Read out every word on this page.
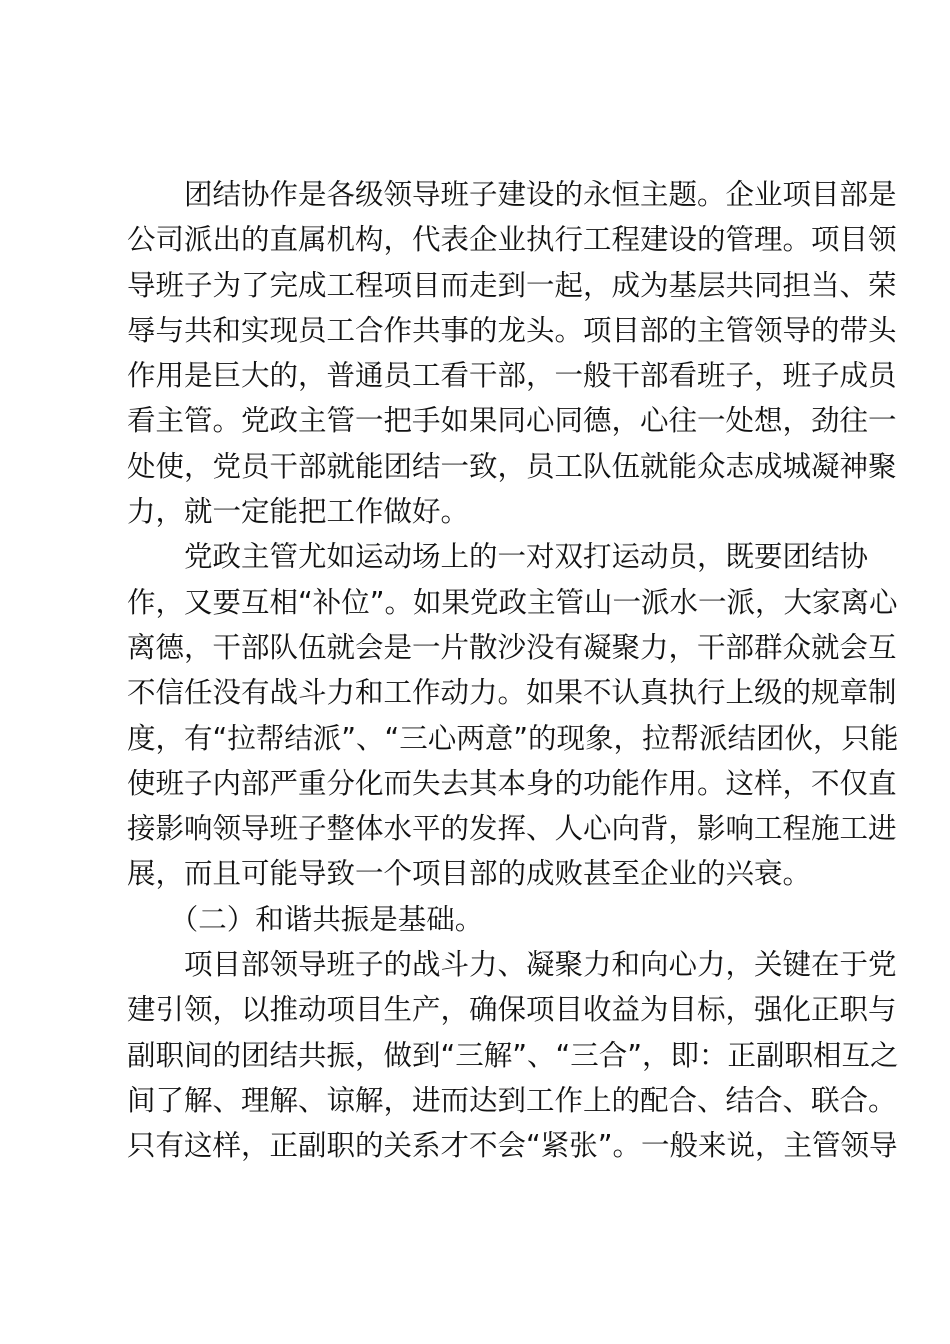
　　团结协作是各级领导班子建设的永恒主题。企业项目部是
公司派出的直属机构，代表企业执行工程建设的管理。项目领
导班子为了完成工程项目而走到一起，成为基层共同担当、荣
辱与共和实现员工合作共事的龙头。项目部的主管领导的带头
作用是巨大的，普通员工看干部，一般干部看班子，班子成员
看主管。党政主管一把手如果同心同德，心往一处想，劲往一
处使，党员干部就能团结一致，员工队伍就能众志成城凝神聚
力，就一定能把工作做好。
　　党政主管尤如运动场上的一对双打运动员，既要团结协
作，又要互相“补位”。如果党政主管山一派水一派，大家离心
离德，干部队伍就会是一片散沙没有凝聚力，干部群众就会互
不信任没有战斗力和工作动力。如果不认真执行上级的规章制
度，有“拉帮结派”、“三心两意”的现象，拉帮派结团伙，只能
使班子内部严重分化而失去其本身的功能作用。这样，不仅直
接影响领导班子整体水平的发挥、人心向背，影响工程施工进
展，而且可能导致一个项目部的成败甚至企业的兴衰。
　　（二）和谐共振是基础。
　　项目部领导班子的战斗力、凝聚力和向心力，关键在于党
建引领，以推动项目生产，确保项目收益为目标，强化正职与
副职间的团结共振，做到“三解”、“三合”，即：正副职相互之
间了解、理解、谅解，进而达到工作上的配合、结合、联合。
只有这样，正副职的关系才不会“紧张”。一般来说，主管领导
